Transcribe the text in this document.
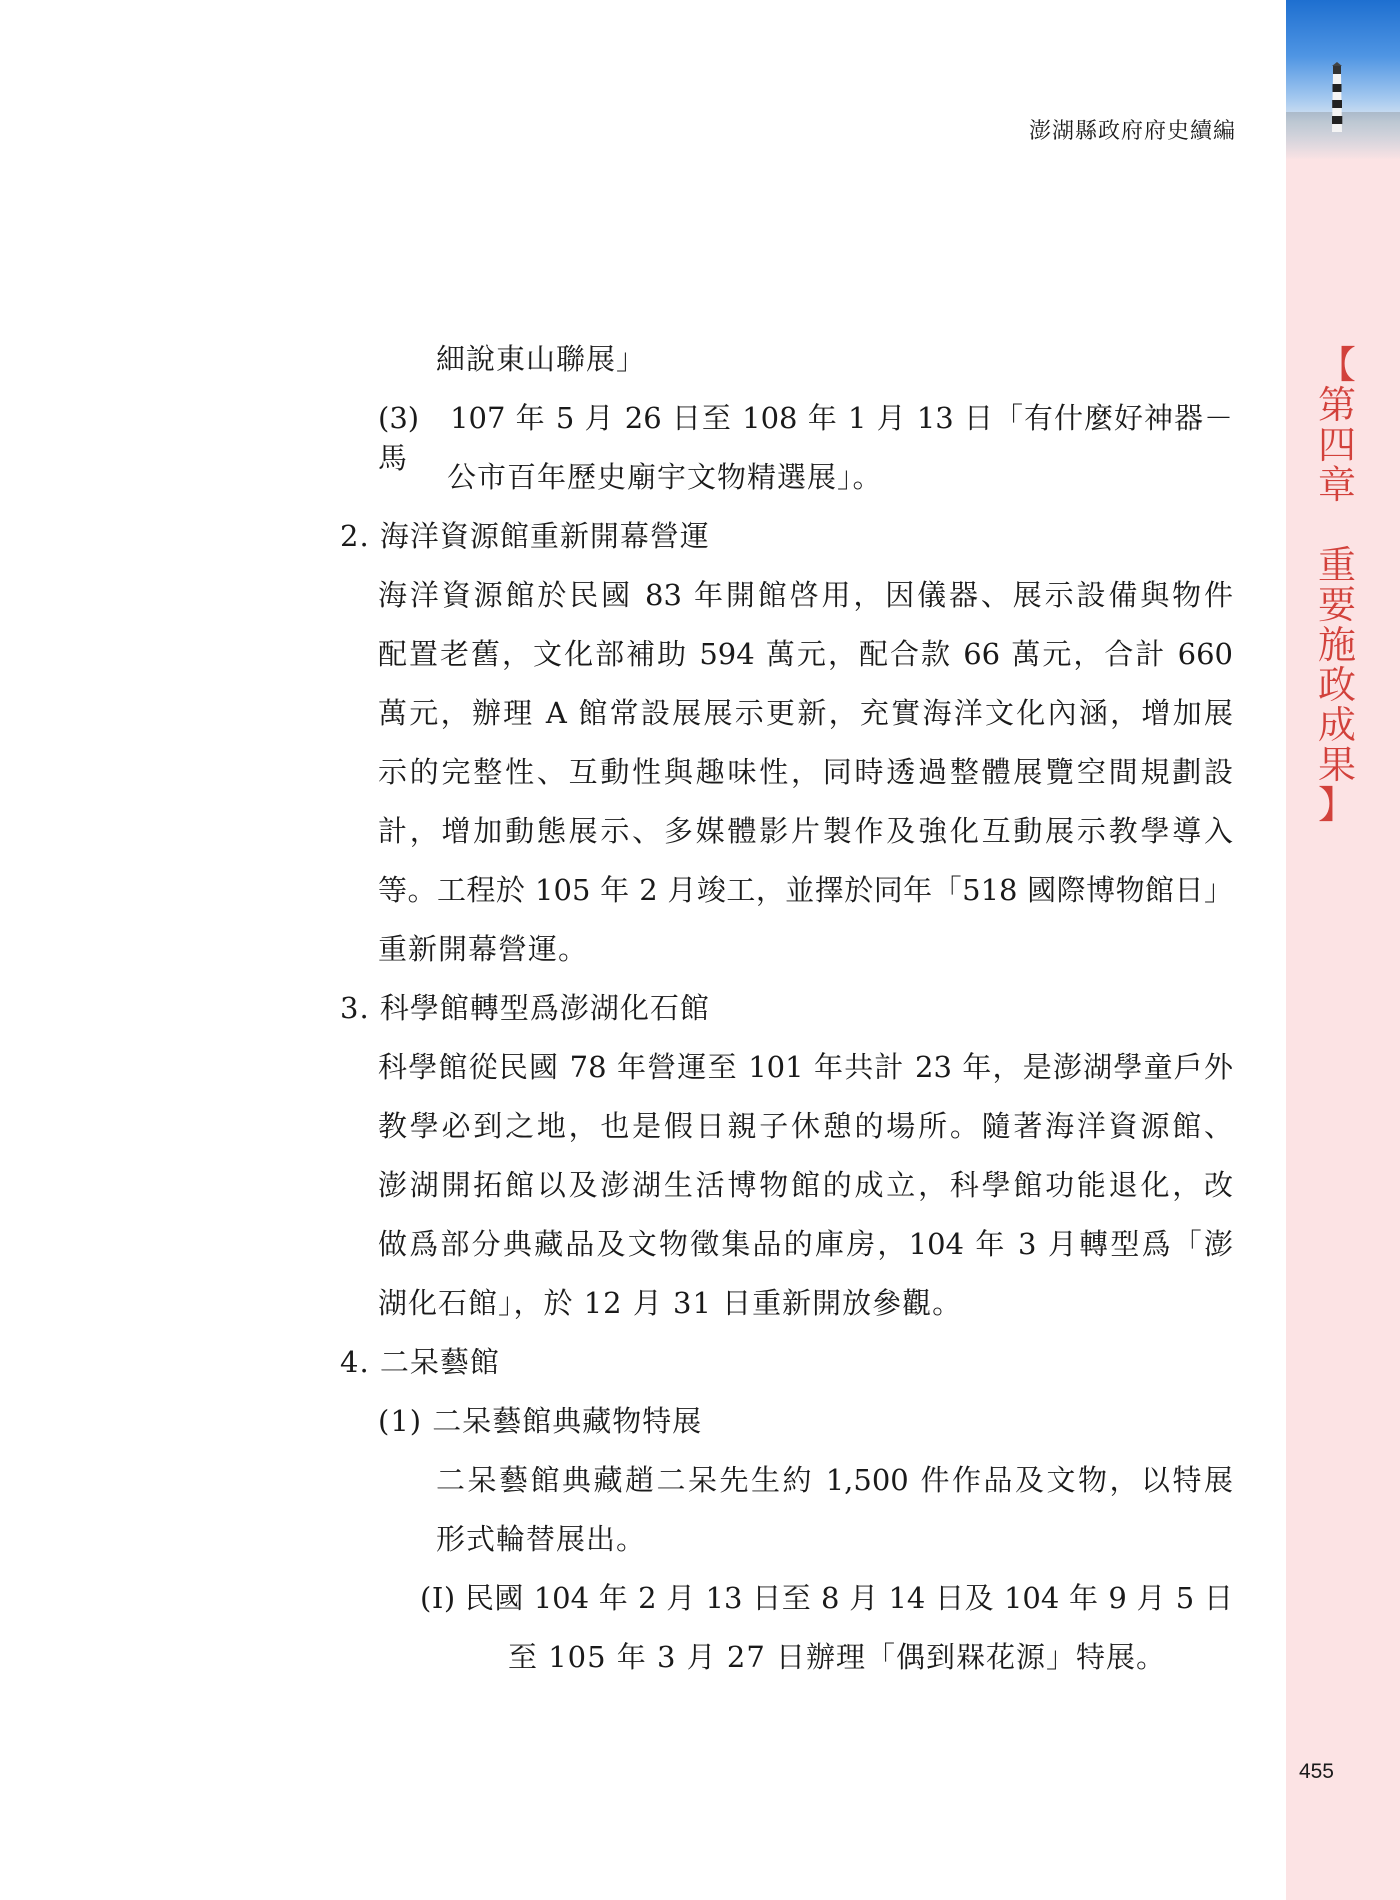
澎湖縣政府府史續編
【
第
四
章

重
要
施
政
成
果
】
細說東山聯展」
(3)　107 年 5 月 26 日至 108 年 1 月 13 日「有什麼好神器－馬
公市百年歷史廟宇文物精選展」。
2. 海洋資源館重新開幕營運
海洋資源館於民國 83 年開館啓用，因儀器、展示設備與物件
配置老舊，文化部補助 594 萬元，配合款 66 萬元，合計 660
萬元，辦理 A 館常設展展示更新，充實海洋文化內涵，增加展
示的完整性、互動性與趣味性，同時透過整體展覽空間規劃設
計，增加動態展示、多媒體影片製作及強化互動展示教學導入
等。工程於 105 年 2 月竣工，並擇於同年「518 國際博物館日」
重新開幕營運。
3. 科學館轉型爲澎湖化石館
科學館從民國 78 年營運至 101 年共計 23 年，是澎湖學童戶外
教學必到之地，也是假日親子休憩的場所。隨著海洋資源館、
澎湖開拓館以及澎湖生活博物館的成立，科學館功能退化，改
做爲部分典藏品及文物徵集品的庫房，104 年 3 月轉型爲「澎
湖化石館」，於 12 月 31 日重新開放參觀。
4. 二呆藝館
(1) 二呆藝館典藏物特展
二呆藝館典藏趙二呆先生約 1,500 件作品及文物，以特展
形式輪替展出。
(Ⅰ) 民國 104 年 2 月 13 日至 8 月 14 日及 104 年 9 月 5 日
至 105 年 3 月 27 日辦理「偶到槑花源」特展。
455
